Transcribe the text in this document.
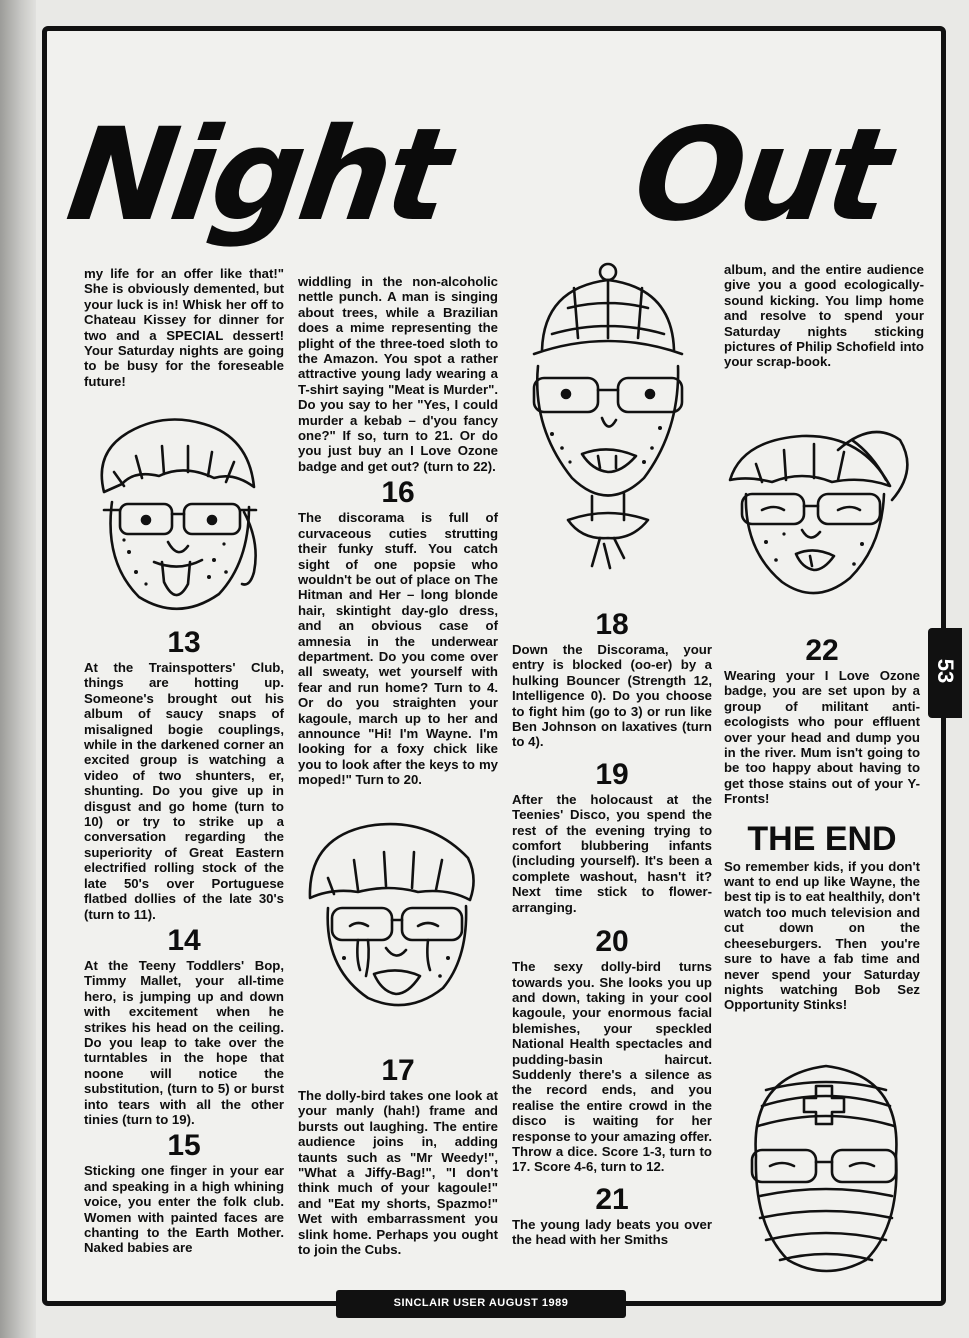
Night Out

my life for an offer like that!" She is obviously demented, but your luck is in! Whisk her off to Chateau Kissey for dinner for two and a SPECIAL dessert! Your Saturday nights are going to be busy for the foreseable future!

13

At the Trainspotters' Club, things are hotting up. Someone's brought out his album of saucy snaps of misaligned bogie couplings, while in the darkened corner an excited group is watching a video of two shunters, er, shunting. Do you give up in disgust and go home (turn to 10) or try to strike up a conversation regarding the superiority of Great Eastern electrified rolling stock of the late 50's over Portuguese flatbed dollies of the late 30's (turn to 11).

14

At the Teeny Toddlers' Bop, Timmy Mallet, your all-time hero, is jumping up and down with excitement when he strikes his head on the ceiling. Do you leap to take over the turntables in the hope that noone will notice the substitution, (turn to 5) or burst into tears with all the other tinies (turn to 19).

15

Sticking one finger in your ear and speaking in a high whining voice, you enter the folk club. Women with painted faces are chanting to the Earth Mother. Naked babies are

widdling in the non-alcoholic nettle punch. A man is singing about trees, while a Brazilian does a mime representing the plight of the three-toed sloth to the Amazon. You spot a rather attractive young lady wearing a T-shirt saying "Meat is Murder". Do you say to her "Yes, I could murder a kebab – d'you fancy one?" If so, turn to 21. Or do you just buy an I Love Ozone badge and get out? (turn to 22).

16

The discorama is full of curvaceous cuties strutting their funky stuff. You catch sight of one popsie who wouldn't be out of place on The Hitman and Her – long blonde hair, skintight day-glo dress, and an obvious case of amnesia in the underwear department. Do you come over all sweaty, wet yourself with fear and run home? Turn to 4. Or do you straighten your kagoule, march up to her and announce "Hi! I'm Wayne. I'm looking for a foxy chick like you to look after the keys to my moped!" Turn to 20.

17

The dolly-bird takes one look at your manly (hah!) frame and bursts out laughing. The entire audience joins in, adding taunts such as "Mr Weedy!", "What a Jiffy-Bag!", "I don't think much of your kagoule!" and "Eat my shorts, Spazmo!" Wet with embarrassment you slink home. Perhaps you ought to join the Cubs.

18

Down the Discorama, your entry is blocked (oo-er) by a hulking Bouncer (Strength 12, Intelligence 0). Do you choose to fight him (go to 3) or run like Ben Johnson on laxatives (turn to 4).

19

After the holocaust at the Teenies' Disco, you spend the rest of the evening trying to comfort blubbering infants (including yourself). It's been a complete washout, hasn't it? Next time stick to flower-arranging.

20

The sexy dolly-bird turns towards you. She looks you up and down, taking in your cool kagoule, your enormous facial blemishes, your speckled National Health spectacles and pudding-basin haircut. Suddenly there's a silence as the record ends, and you realise the entire crowd in the disco is waiting for her response to your amazing offer. Throw a dice. Score 1-3, turn to 17. Score 4-6, turn to 12.

21

The young lady beats you over the head with her Smiths

album, and the entire audience give you a good ecologically-sound kicking. You limp home and resolve to spend your Saturday nights sticking pictures of Philip Schofield into your scrap-book.

22

Wearing your I Love Ozone badge, you are set upon by a group of militant anti-ecologists who pour effluent over your head and dump you in the river. Mum isn't going to be too happy about having to get those stains out of your Y-Fronts!

THE END

So remember kids, if you don't want to end up like Wayne, the best tip is to eat healthily, don't watch too much television and cut down on the cheeseburgers. Then you're sure to have a fab time and never spend your Saturday nights watching Bob Sez Opportunity Stinks!

53
SINCLAIR USER AUGUST 1989
